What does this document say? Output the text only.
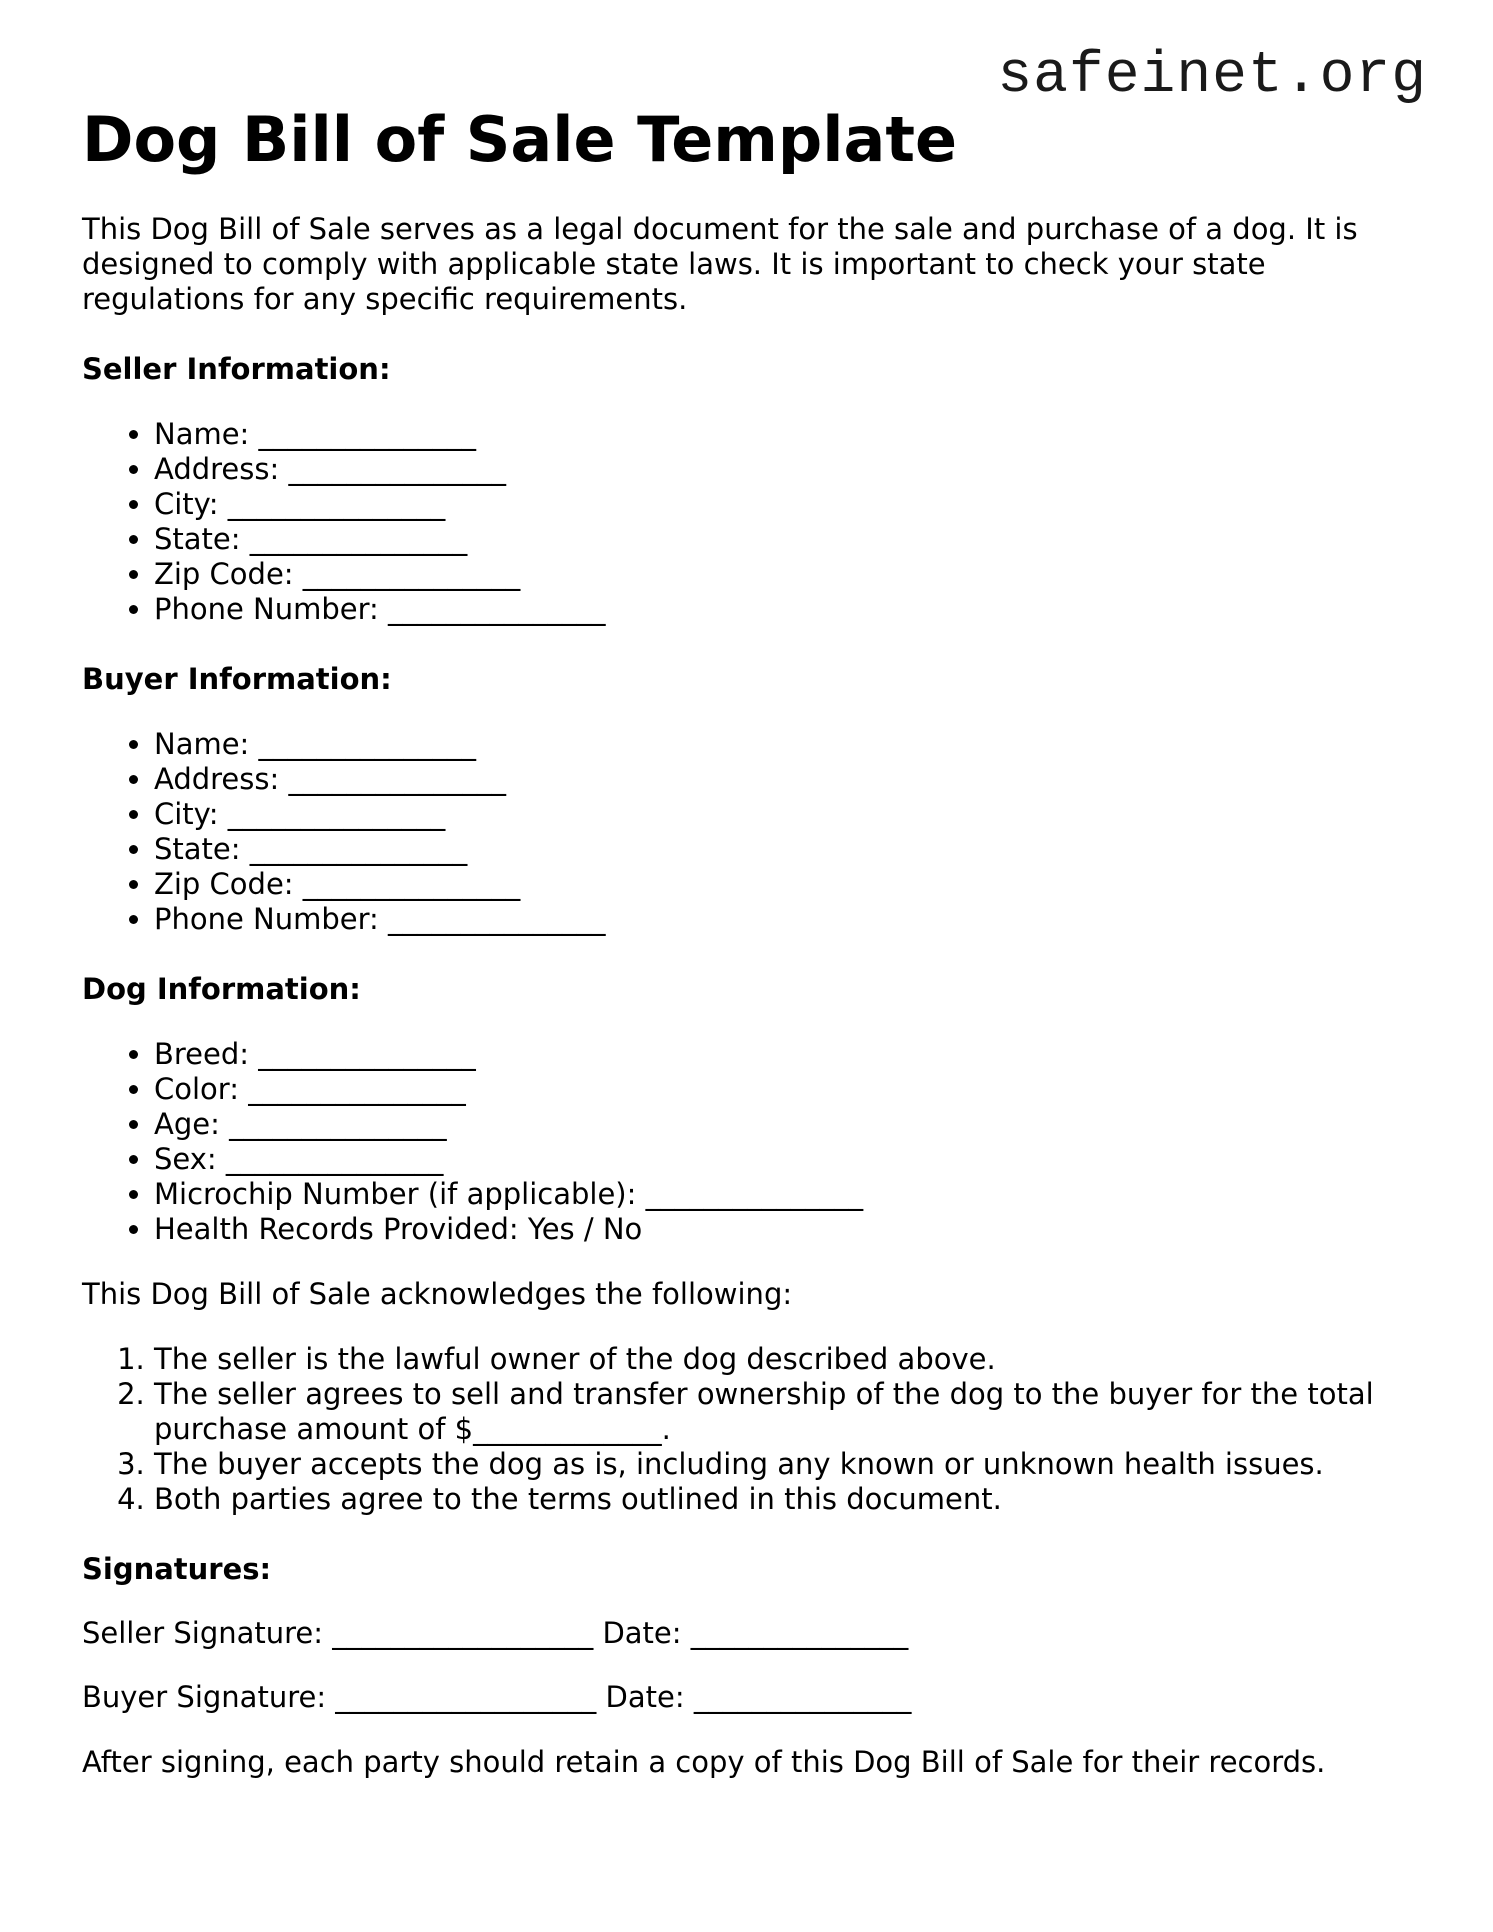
safeinet.org
Dog Bill of Sale Template

This Dog Bill of Sale serves as a legal document for the sale and purchase of a dog. It is designed to comply with applicable state laws. It is important to check your state regulations for any specific requirements.

Seller Information:
• Name: _______________
• Address: _______________
• City: _______________
• State: _______________
• Zip Code: _______________
• Phone Number: _______________
Buyer Information:
• Name: _______________
• Address: _______________
• City: _______________
• State: _______________
• Zip Code: _______________
• Phone Number: _______________
Dog Information:
• Breed: _______________
• Color: _______________
• Age: _______________
• Sex: _______________
• Microchip Number (if applicable): _______________
• Health Records Provided: Yes / No

This Dog Bill of Sale acknowledges the following:

1. The seller is the lawful owner of the dog described above.
2. The seller agrees to sell and transfer ownership of the dog to the buyer for the total purchase amount of $_____________.
3. The buyer accepts the dog as is, including any known or unknown health issues.
4. Both parties agree to the terms outlined in this document.
Signatures:

Seller Signature: __________________ Date: _______________

Buyer Signature: __________________ Date: _______________

After signing, each party should retain a copy of this Dog Bill of Sale for their records.
